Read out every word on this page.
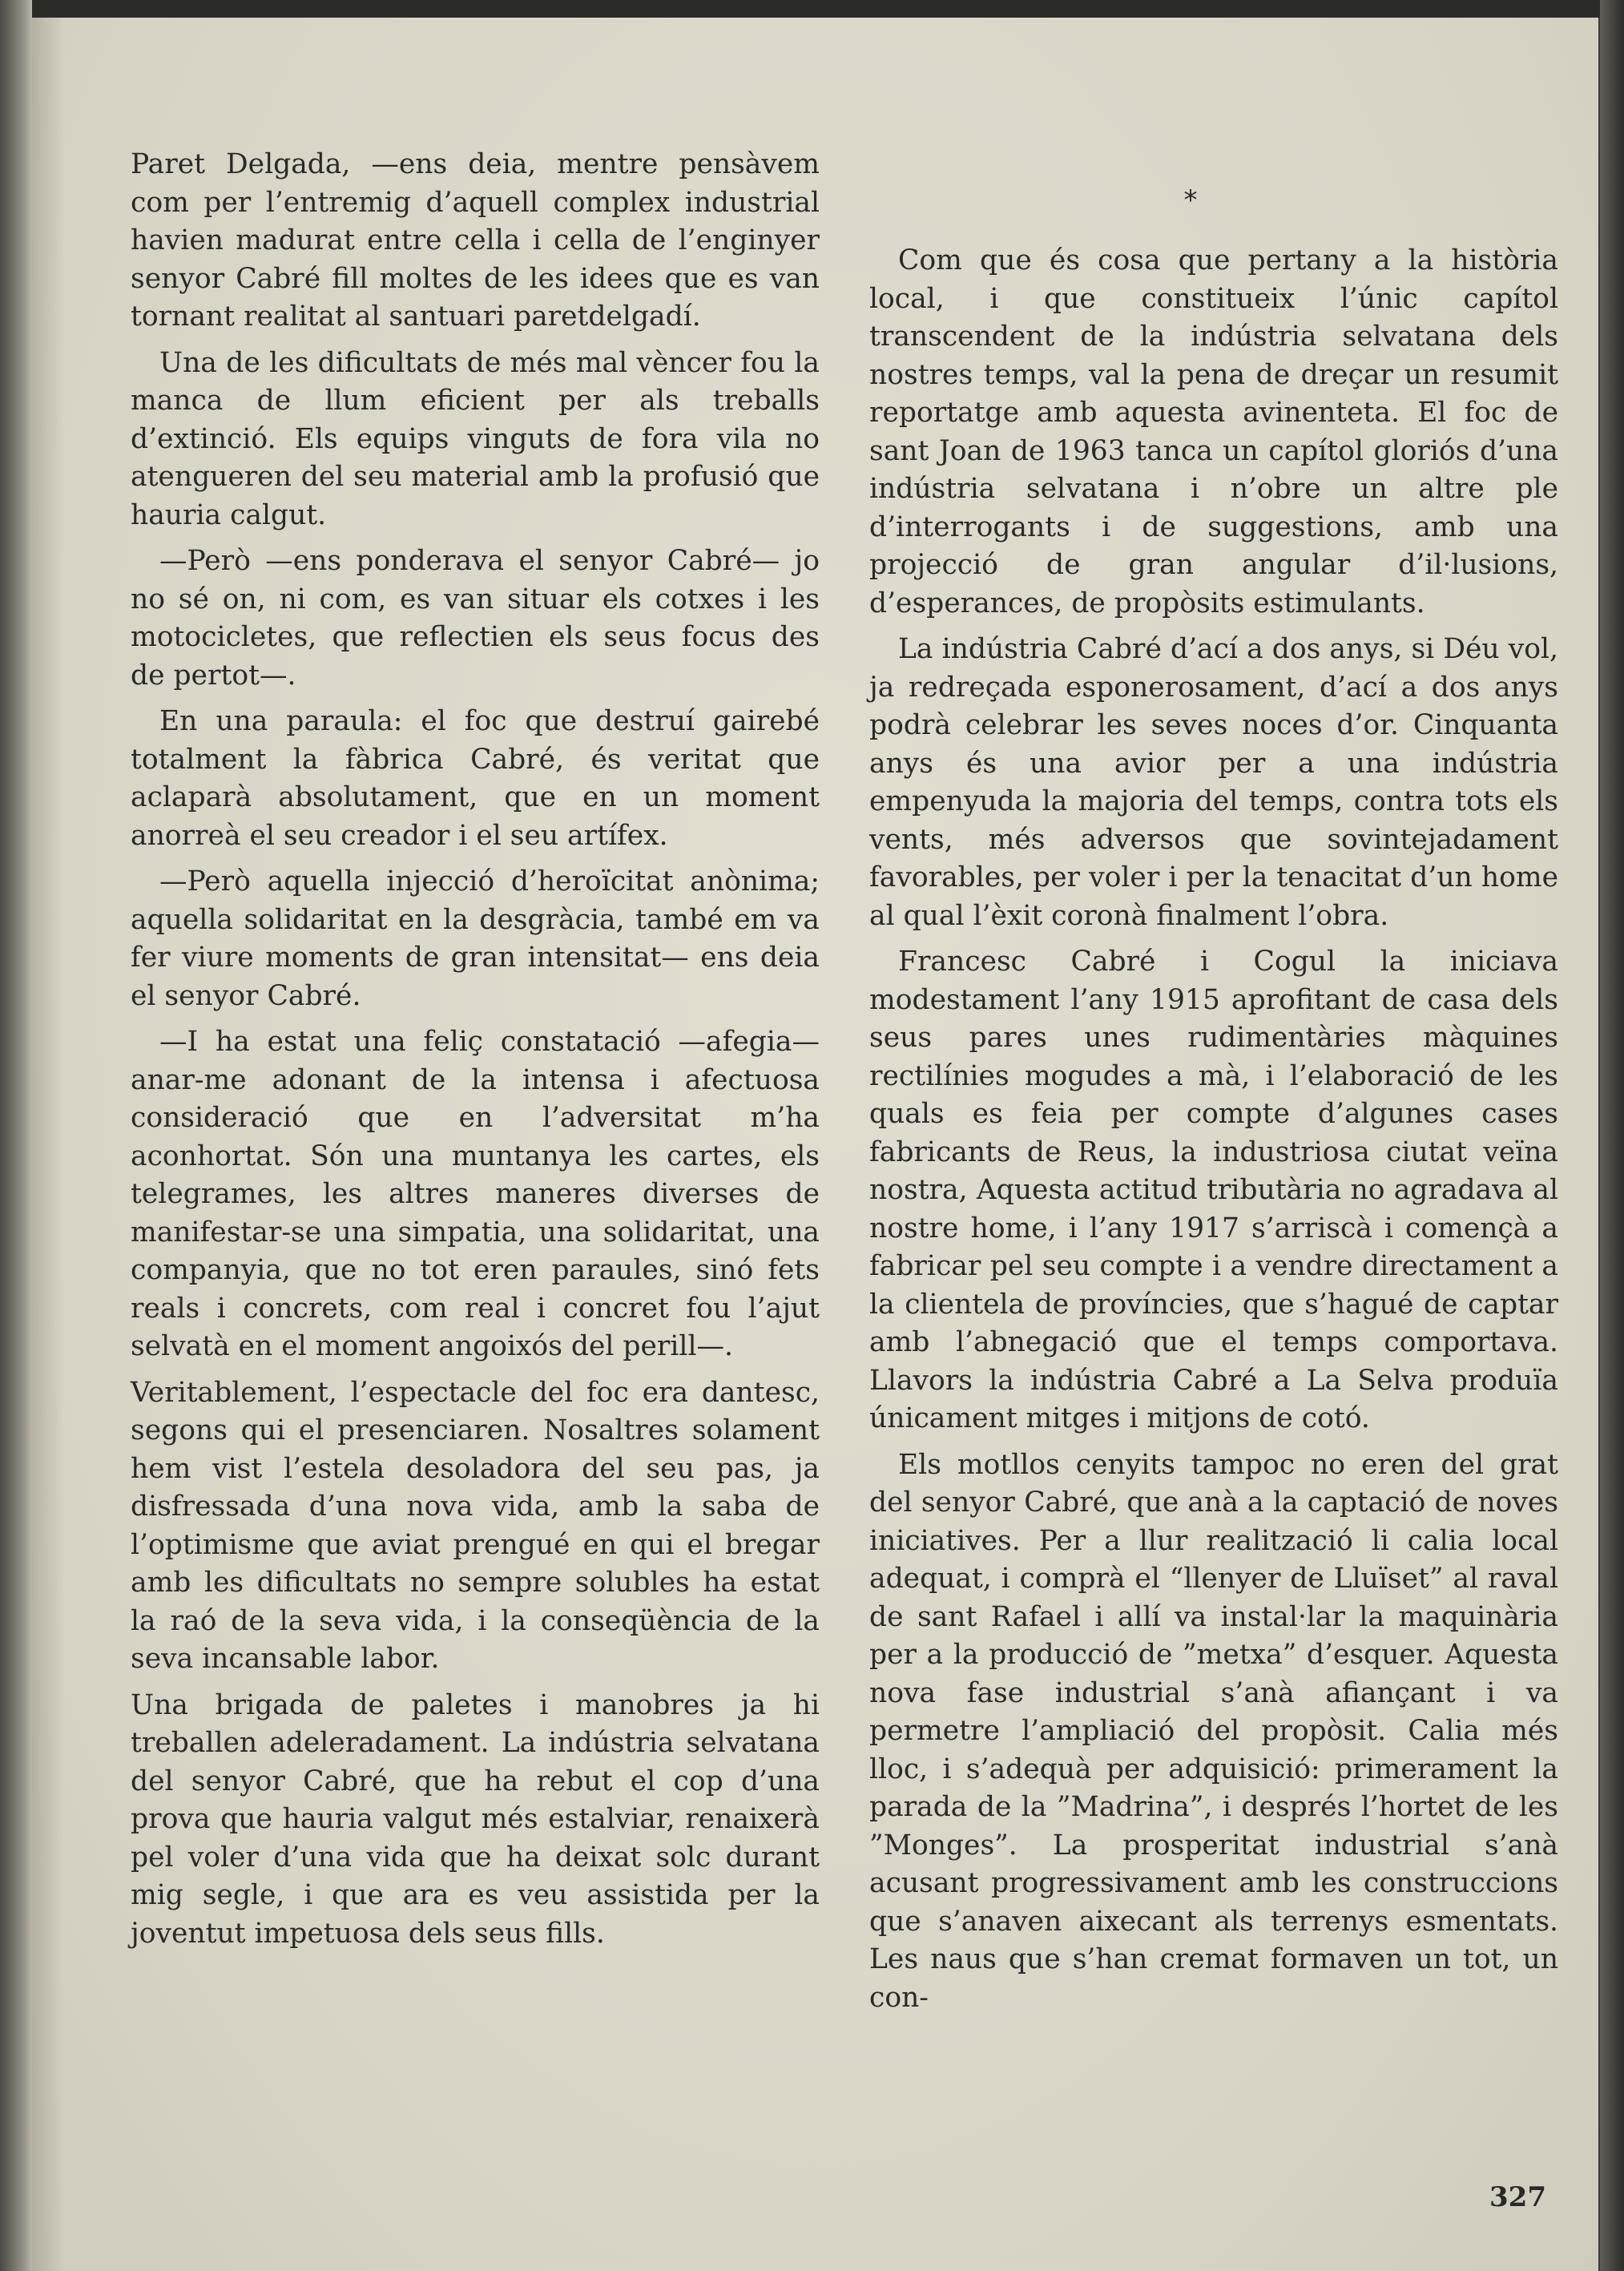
Paret Delgada, —ens deia, mentre pensàvem com per l’entremig d’aquell complex industrial havien madurat entre cella i cella de l’enginyer senyor Cabré fill moltes de les idees que es van tornant realitat al santuari paretdelgadí.

Una de les dificultats de més mal vèncer fou la manca de llum eficient per als treballs d’extinció. Els equips vinguts de fora vila no atengueren del seu material amb la profusió que hauria calgut.

—Però —ens ponderava el senyor Cabré— jo no sé on, ni com, es van situar els cotxes i les motocicletes, que reflectien els seus focus des de pertot—.

En una paraula: el foc que destruí gairebé totalment la fàbrica Cabré, és veritat que aclaparà absolutament, que en un moment anorreà el seu creador i el seu artífex.

—Però aquella injecció d’heroïcitat anònima; aquella solidaritat en la desgràcia, també em va fer viure moments de gran intensitat— ens deia el senyor Cabré.

—I ha estat una feliç constatació —afegia— anar-me adonant de la intensa i afectuosa consideració que en l’adversitat m’ha aconhortat. Són una muntanya les cartes, els telegrames, les altres maneres diverses de manifestar-se una simpatia, una solidaritat, una companyia, que no tot eren paraules, sinó fets reals i concrets, com real i concret fou l’ajut selvatà en el moment angoixós del perill—.

Veritablement, l’espectacle del foc era dantesc, segons qui el presenciaren. Nosaltres solament hem vist l’estela desoladora del seu pas, ja disfressada d’una nova vida, amb la saba de l’optimisme que aviat prengué en qui el bregar amb les dificultats no sempre solubles ha estat la raó de la seva vida, i la conseqüència de la seva incansable labor.

Una brigada de paletes i manobres ja hi treballen adeleradament. La indústria selvatana del senyor Cabré, que ha rebut el cop d’una prova que hauria valgut més estalviar, renaixerà pel voler d’una vida que ha deixat solc durant mig segle, i que ara es veu assistida per la joventut impetuosa dels seus fills.

*

Com que és cosa que pertany a la història local, i que constitueix l’únic capítol transcendent de la indústria selvatana dels nostres temps, val la pena de dreçar un resumit reportatge amb aquesta avinenteta. El foc de sant Joan de 1963 tanca un capítol gloriós d’una indústria selvatana i n’obre un altre ple d’interrogants i de suggestions, amb una projecció de gran angular d’il·lusions, d’esperances, de propòsits estimulants.

La indústria Cabré d’ací a dos anys, si Déu vol, ja redreçada esponerosament, d’ací a dos anys podrà celebrar les seves noces d’or. Cinquanta anys és una avior per a una indústria empenyuda la majoria del temps, contra tots els vents, més adversos que sovintejadament favorables, per voler i per la tenacitat d’un home al qual l’èxit coronà finalment l’obra.

Francesc Cabré i Cogul la iniciava modestament l’any 1915 aprofitant de casa dels seus pares unes rudimentàries màquines rectilínies mogudes a mà, i l’elaboració de les quals es feia per compte d’algunes cases fabricants de Reus, la industriosa ciutat veïna nostra, Aquesta actitud tributària no agradava al nostre home, i l’any 1917 s’arriscà i començà a fabricar pel seu compte i a vendre directament a la clientela de províncies, que s’hagué de captar amb l’abnegació que el temps comportava. Llavors la indústria Cabré a La Selva produïa únicament mitges i mitjons de cotó.

Els motllos cenyits tampoc no eren del grat del senyor Cabré, que anà a la captació de noves iniciatives. Per a llur realització li calia local adequat, i comprà el “llenyer de Lluïset” al raval de sant Rafael i allí va instal·lar la maquinària per a la producció de ”metxa” d’esquer. Aquesta nova fase industrial s’anà afiançant i va permetre l’ampliació del propòsit. Calia més lloc, i s’adequà per adquisició: primerament la parada de la ”Madrina”, i després l’hortet de les ”Monges”. La prosperitat industrial s’anà acusant progressivament amb les construccions que s’anaven aixecant als terrenys esmentats. Les naus que s’han cremat formaven un tot, un con-

327
